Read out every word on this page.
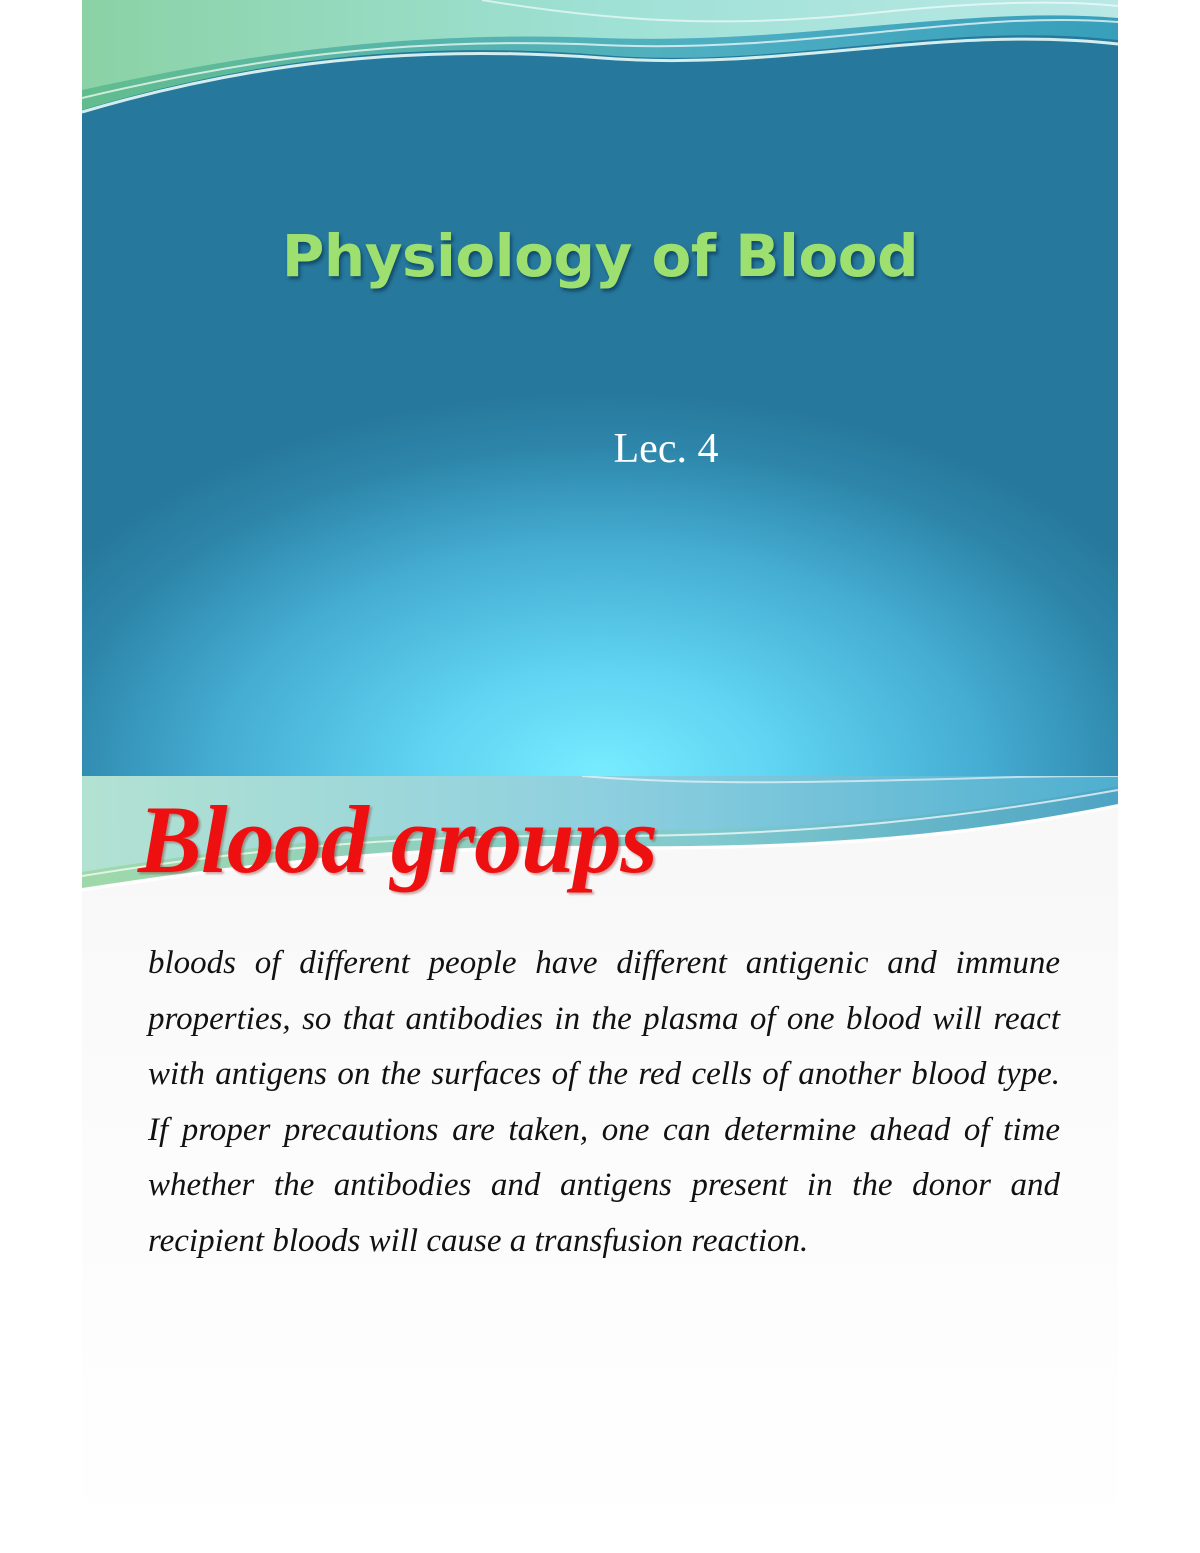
Physiology of Blood

Lec. 4

Blood groups

bloods of different people have different antigenic and immune properties, so that antibodies in the plasma of one blood will react with antigens on the surfaces of the red cells of another blood type. If proper precautions are taken, one can determine ahead of time whether the antibodies and antigens present in the donor and recipient bloods will cause a transfusion reaction.
